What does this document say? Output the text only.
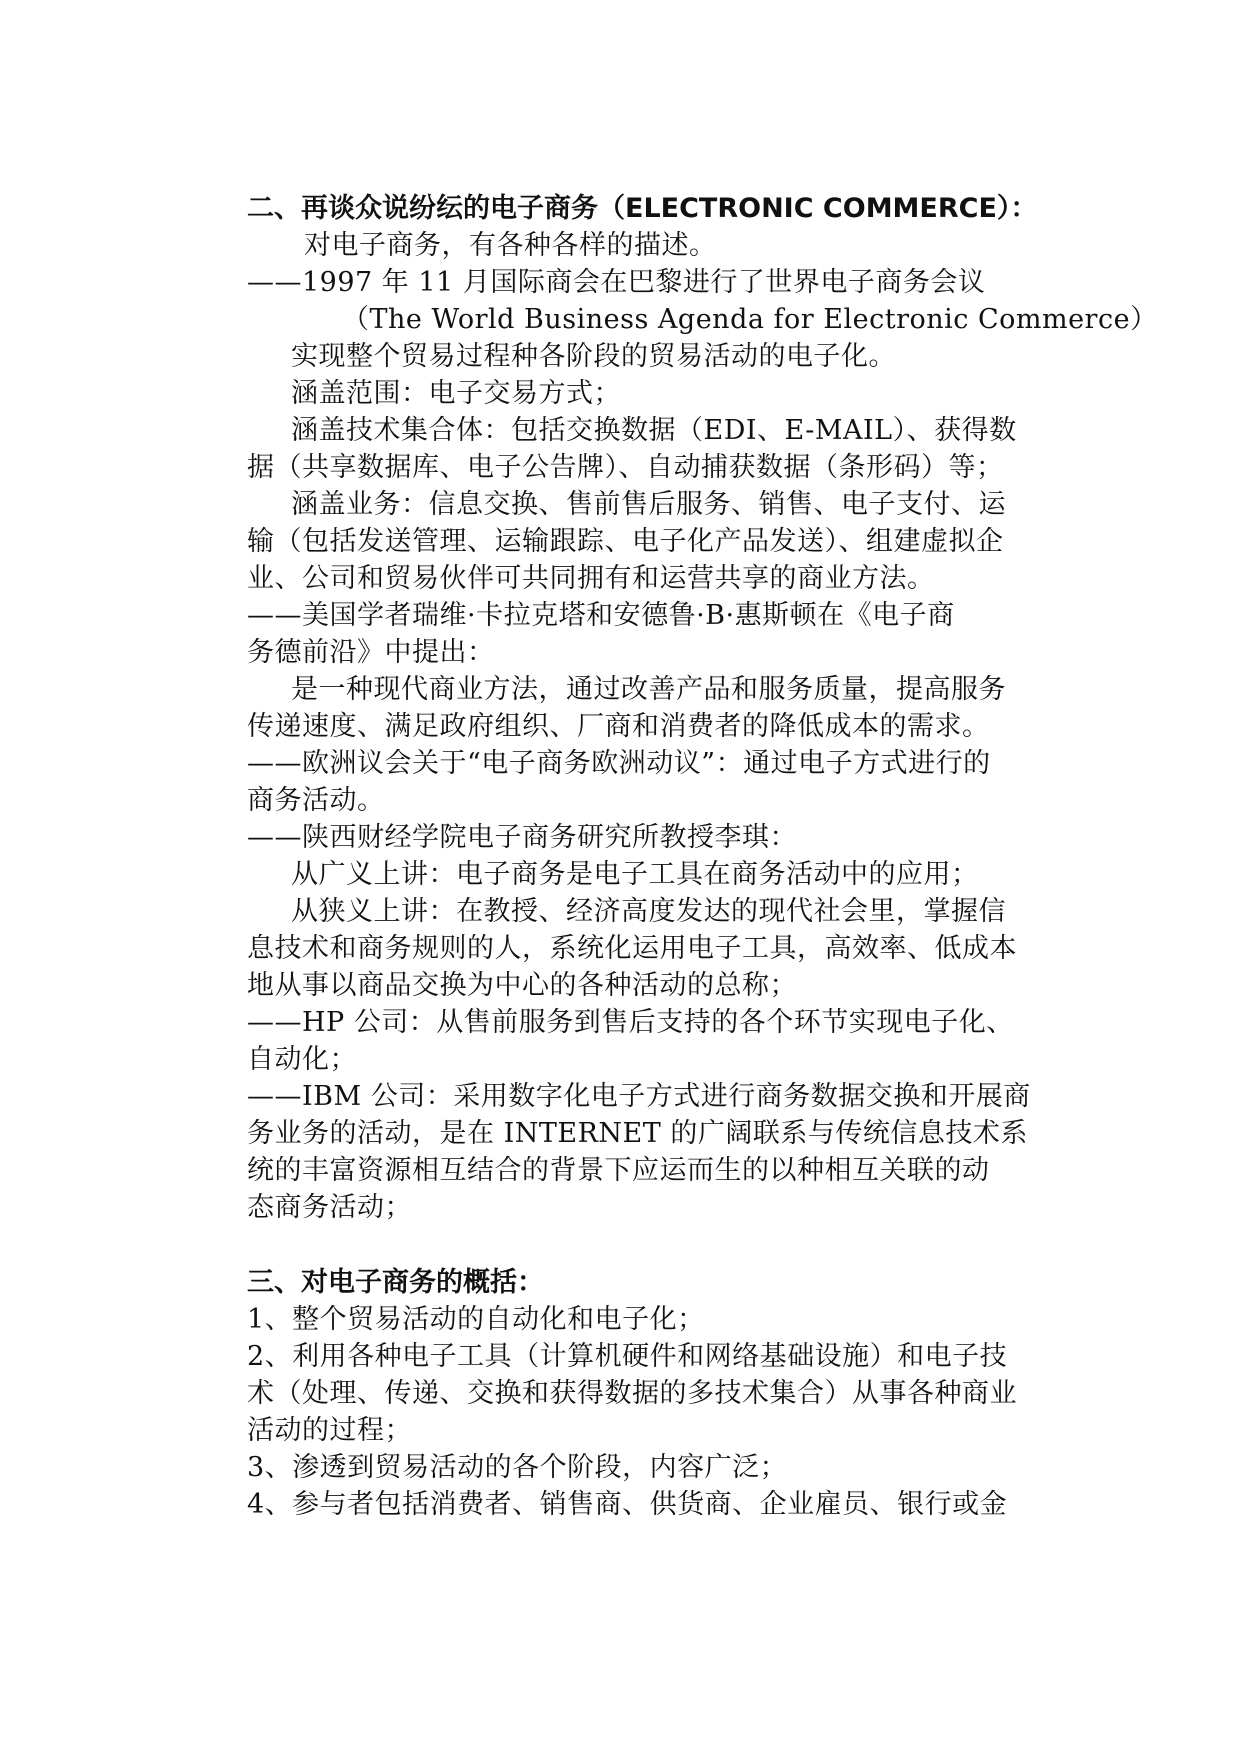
二、再谈众说纷纭的电子商务（ELECTRONIC COMMERCE）：
对电子商务，有各种各样的描述。
——1997 年 11 月国际商会在巴黎进行了世界电子商务会议
（The World Business Agenda for Electronic Commerce）
实现整个贸易过程种各阶段的贸易活动的电子化。
涵盖范围：电子交易方式；
涵盖技术集合体：包括交换数据（EDI、E-MAIL）、获得数
据（共享数据库、电子公告牌）、自动捕获数据（条形码）等；
涵盖业务：信息交换、售前售后服务、销售、电子支付、运
输（包括发送管理、运输跟踪、电子化产品发送）、组建虚拟企
业、公司和贸易伙伴可共同拥有和运营共享的商业方法。
——美国学者瑞维·卡拉克塔和安德鲁·B·惠斯顿在《电子商
务德前沿》中提出：
是一种现代商业方法，通过改善产品和服务质量，提高服务
传递速度、满足政府组织、厂商和消费者的降低成本的需求。
——欧洲议会关于“电子商务欧洲动议”：通过电子方式进行的
商务活动。
——陕西财经学院电子商务研究所教授李琪：
从广义上讲：电子商务是电子工具在商务活动中的应用；
从狭义上讲：在教授、经济高度发达的现代社会里，掌握信
息技术和商务规则的人，系统化运用电子工具，高效率、低成本
地从事以商品交换为中心的各种活动的总称；
——HP 公司：从售前服务到售后支持的各个环节实现电子化、
自动化；
——IBM 公司：采用数字化电子方式进行商务数据交换和开展商
务业务的活动，是在 INTERNET 的广阔联系与传统信息技术系
统的丰富资源相互结合的背景下应运而生的以种相互关联的动
态商务活动；
三、对电子商务的概括：
1、整个贸易活动的自动化和电子化；
2、利用各种电子工具（计算机硬件和网络基础设施）和电子技
术（处理、传递、交换和获得数据的多技术集合）从事各种商业
活动的过程；
3、渗透到贸易活动的各个阶段，内容广泛；
4、参与者包括消费者、销售商、供货商、企业雇员、银行或金
